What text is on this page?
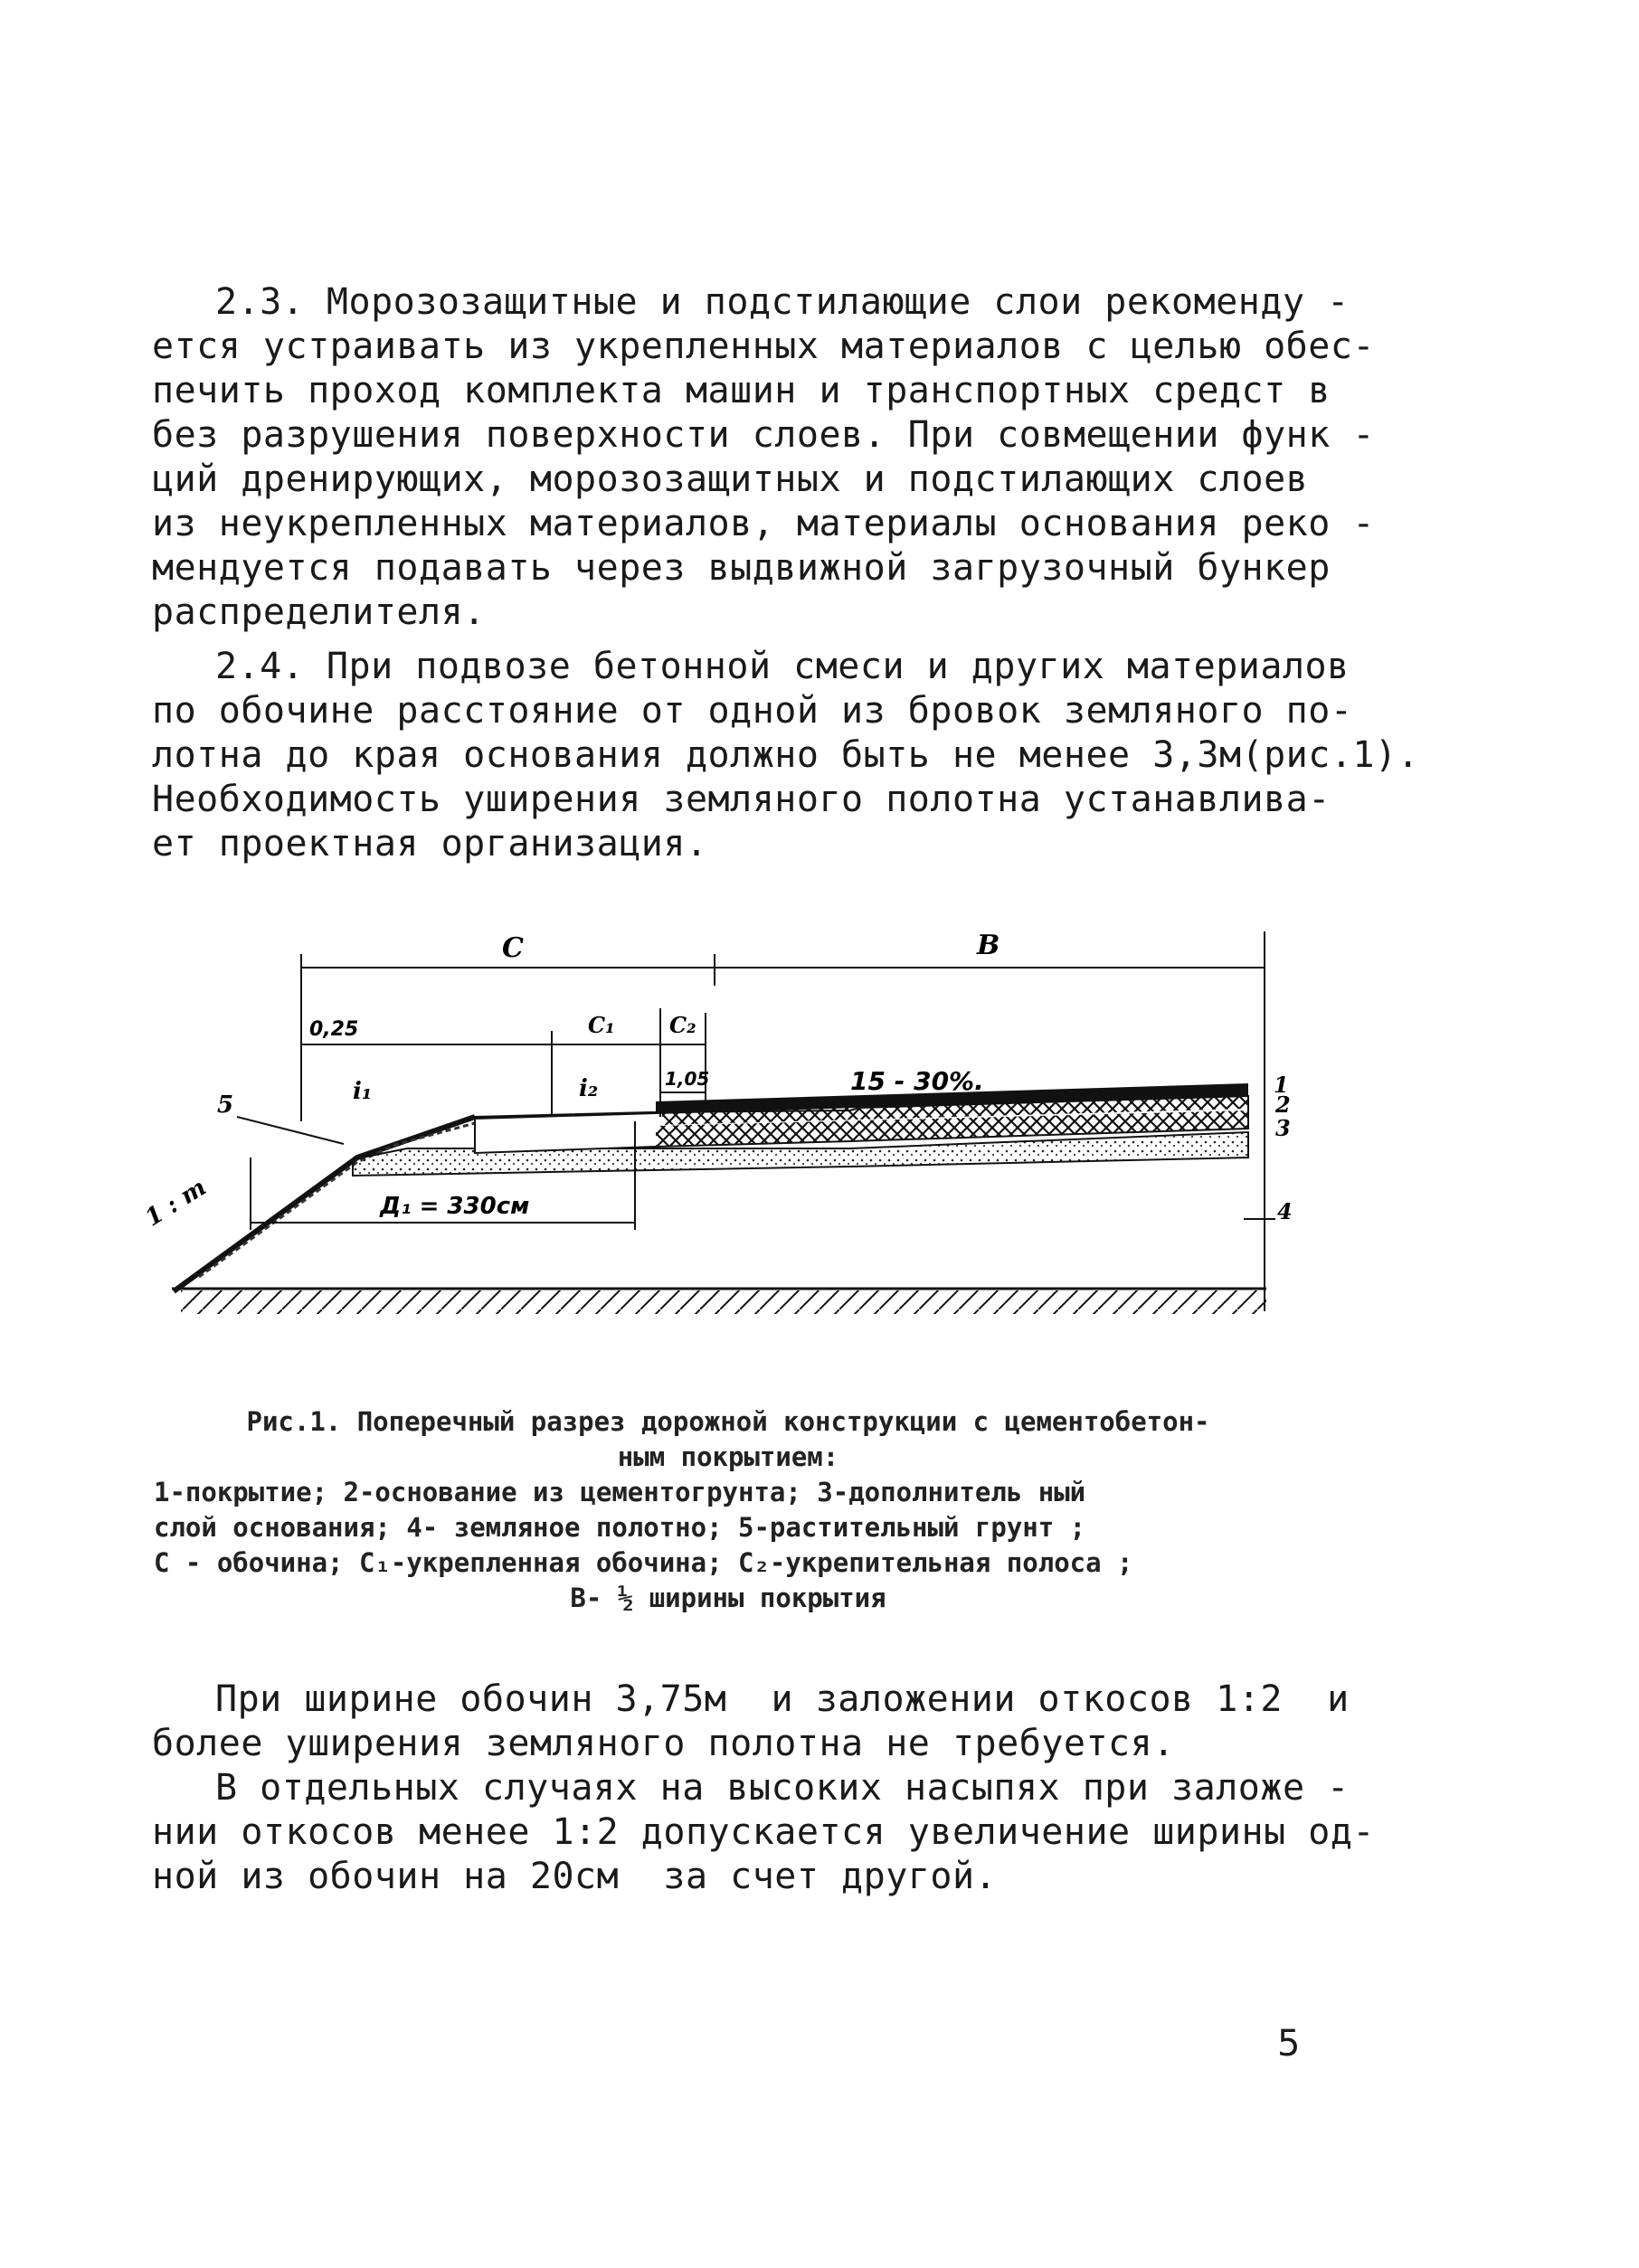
2.3. Морозозащитные и подстилающие слои рекоменду -
ется устраивать из укрепленных материалов с целью обес-
печить проход комплекта машин и транспортных средст в
без разрушения поверхности слоев. При совмещении функ -
ций дренирующих, морозозащитных и подстилающих слоев
из неукрепленных материалов, материалы основания реко -
мендуется подавать через выдвижной загрузочный бункер
распределителя.
2.4. При подвозе бетонной смеси и других материалов
по обочине расстояние от одной из бровок земляного по-
лотна до края основания должно быть не менее 3,3м(рис.1).
Необходимость уширения земляного полотна устанавлива-
ет проектная организация.
С	В
0,25	С₁	С₂
1,05	15 - 30%.
i₁	i₂
5
1
2
3
4
1 : m	Д₁ = 330см
Рис.1. Поперечный разрез дорожной конструкции с цементобетон-
ным покрытием:
1-покрытие; 2-основание из цементогрунта; 3-дополнитель ный
слой основания; 4- земляное полотно; 5-растительный грунт ;
С - обочина; С₁-укрепленная обочина; С₂-укрепительная полоса ;
В- ½ ширины покрытия
При ширине обочин 3,75м  и заложении откосов 1:2  и
более уширения земляного полотна не требуется.
В отдельных случаях на высоких насыпях при заложе -
нии откосов менее 1:2 допускается увеличение ширины од-
ной из обочин на 20см  за счет другой.
5
